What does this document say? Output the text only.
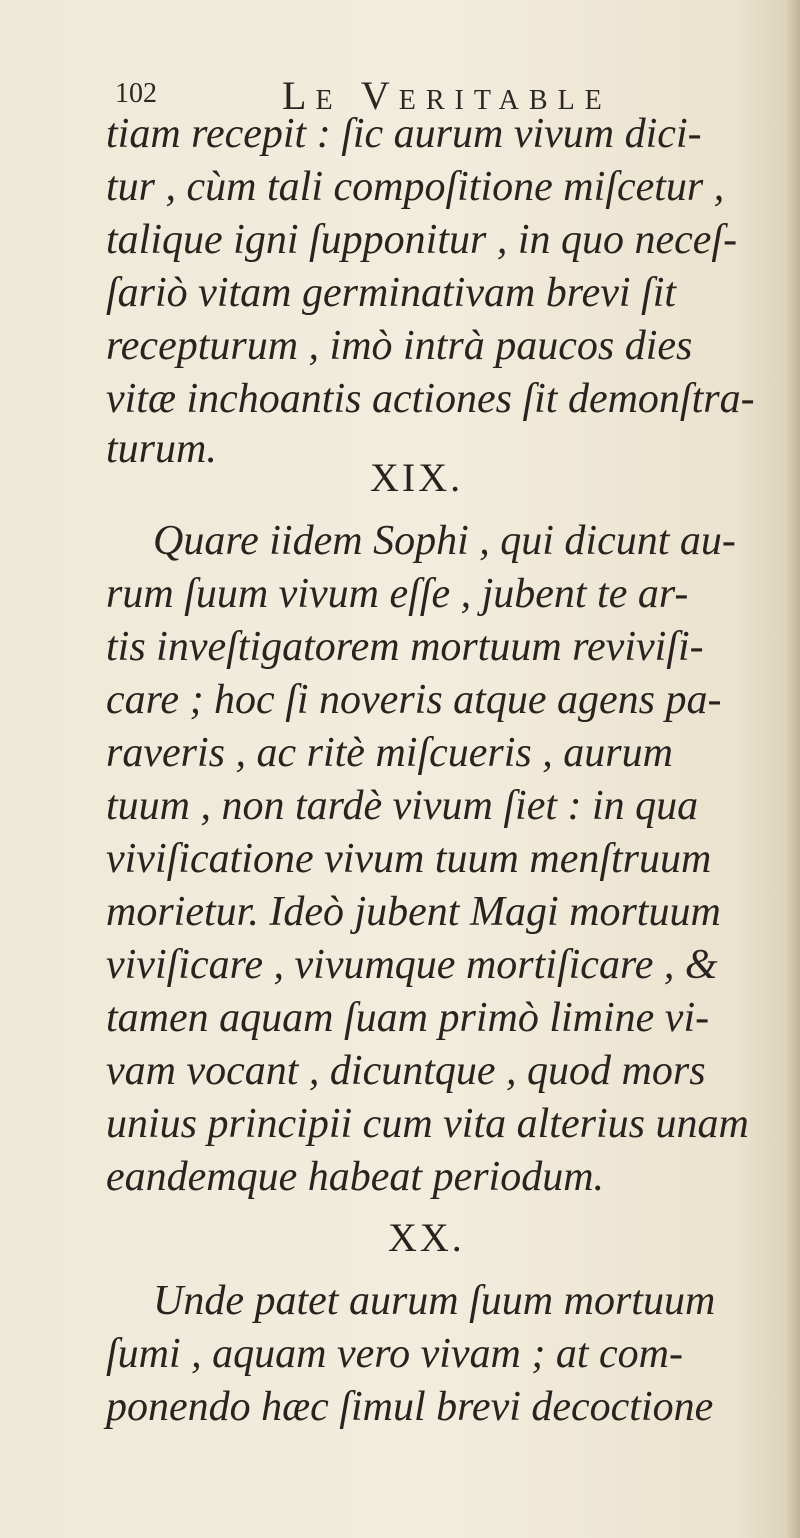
102	LE VERITABLE
tiam recepit : ſic aurum vivum dici-
tur , cùm tali compoſitione miſcetur ,
talique igni ſupponitur , in quo neceſ-
ſariò vitam germinativam brevi ſit
recepturum , imò intrà paucos dies
vitæ inchoantis actiones ſit demonſtra-
turum.
XIX.
Quare iidem Sophi , qui dicunt au-
rum ſuum vivum eſſe , jubent te ar-
tis inveſtigatorem mortuum reviviſi-
care ; hoc ſi noveris atque agens pa-
raveris , ac ritè miſcueris , aurum
tuum , non tardè vivum ſiet : in qua
viviſicatione vivum tuum menſtruum
morietur. Ideò jubent Magi mortuum
viviſicare , vivumque mortiſicare , &
tamen aquam ſuam primò limine vi-
vam vocant , dicuntque , quod mors
unius principii cum vita alterius unam
eandemque habeat periodum.
XX.
Unde patet aurum ſuum mortuum
ſumi , aquam vero vivam ; at com-
ponendo hæc ſimul brevi decoctione
